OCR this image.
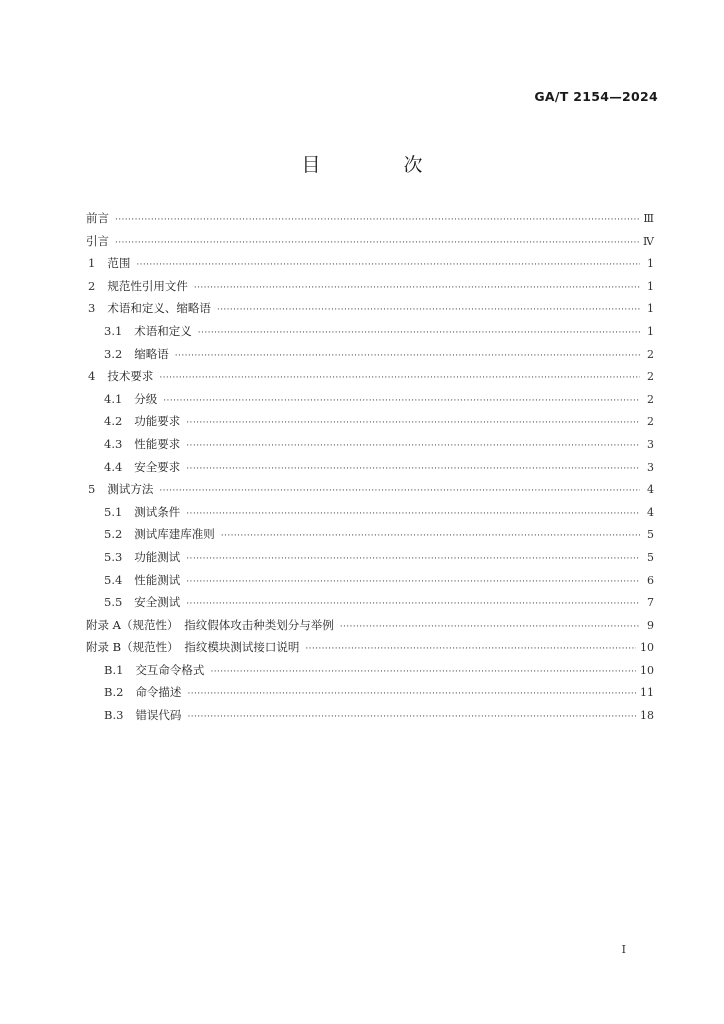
GA/T 2154—2024
目　次
前言 ·····	Ⅲ
引言 ·····	Ⅳ
1 范围 ·····	1
2 规范性引用文件 ·····	1
3 术语和定义、缩略语 ·····	1
3.1 术语和定义 ·····	1
3.2 缩略语 ·····	2
4 技术要求 ·····	2
4.1 分级 ·····	2
4.2 功能要求 ·····	2
4.3 性能要求 ·····	3
4.4 安全要求 ·····	3
5 测试方法 ·····	4
5.1 测试条件 ·····	4
5.2 测试库建库准则 ·····	5
5.3 功能测试 ·····	5
5.4 性能测试 ·····	6
5.5 安全测试 ·····	7
附录 A（规范性）　指纹假体攻击种类划分与举例 ·····	9
附录 B（规范性）　指纹模块测试接口说明 ·····	10
B.1 交互命令格式 ·····	10
B.2 命令描述 ·····	11
B.3 错误代码 ·····	18
Ⅰ
